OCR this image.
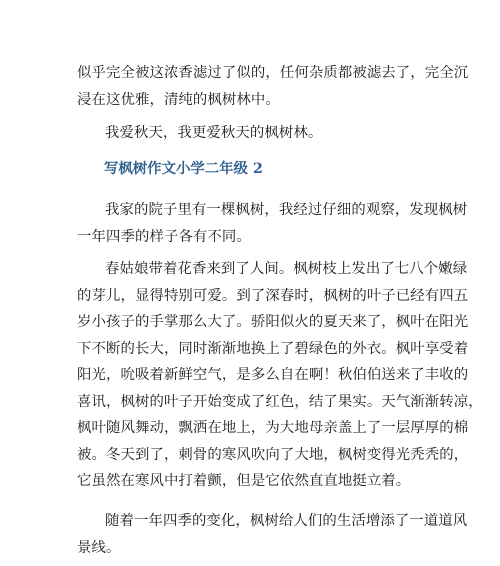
似乎完全被这浓香滤过了似的，任何杂质都被滤去了，完全沉
浸在这优雅，清纯的枫树林中。
我爱秋天，我更爱秋天的枫树林。
写枫树作文小学二年级 2
我家的院子里有一棵枫树，我经过仔细的观察，发现枫树
一年四季的样子各有不同。
春姑娘带着花香来到了人间。枫树枝上发出了七八个嫩绿
的芽儿，显得特别可爱。到了深春时，枫树的叶子已经有四五
岁小孩子的手掌那么大了。骄阳似火的夏天来了，枫叶在阳光
下不断的长大，同时渐渐地换上了碧绿色的外衣。枫叶享受着
阳光，吮吸着新鲜空气，是多么自在啊！秋伯伯送来了丰收的
喜讯，枫树的叶子开始变成了红色，结了果实。天气渐渐转凉，
枫叶随风舞动，飘洒在地上，为大地母亲盖上了一层厚厚的棉
被。冬天到了，刺骨的寒风吹向了大地，枫树变得光秃秃的，
它虽然在寒风中打着颤，但是它依然直直地挺立着。
随着一年四季的变化，枫树给人们的生活增添了一道道风
景线。
